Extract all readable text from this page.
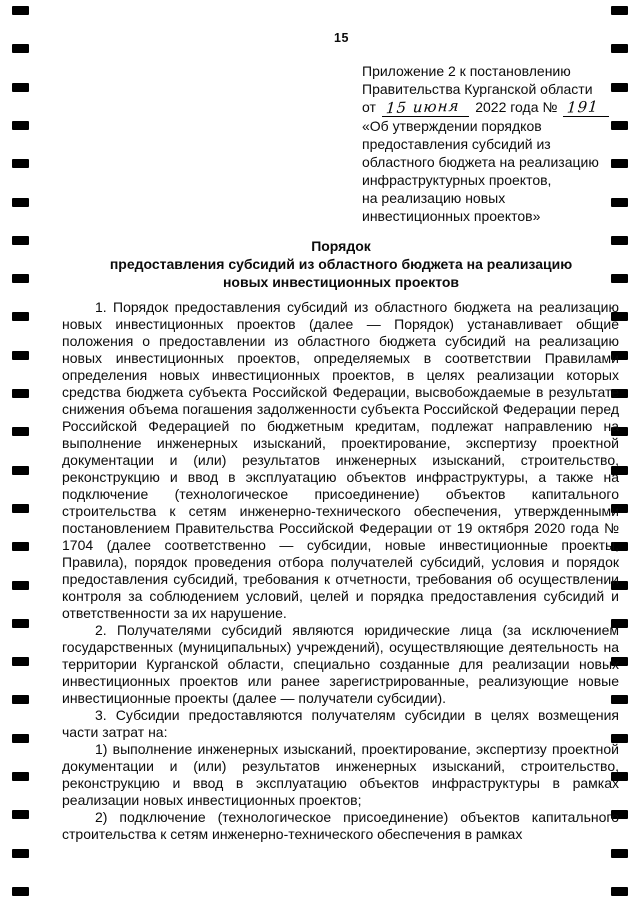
15
Приложение 2 к постановлению
Правительства Курганской области
от 15 июня 2022 года № 191
«Об утверждении порядков
предоставления субсидий из
областного бюджета на реализацию
инфраструктурных проектов,
на реализацию новых
инвестиционных проектов»
Порядок
предоставления субсидий из областного бюджета на реализацию
новых инвестиционных проектов

1. Порядок предоставления субсидий из областного бюджета на реализацию новых инвестиционных проектов (далее — Порядок) устанавливает общие положения о предоставлении из областного бюджета субсидий на реализацию новых инвестиционных проектов, определяемых в соответствии Правилами определения новых инвестиционных проектов, в целях реализации которых средства бюджета субъекта Российской Федерации, высвобождаемые в результате снижения объема погашения задолженности субъекта Российской Федерации перед Российской Федерацией по бюджетным кредитам, подлежат направлению на выполнение инженерных изысканий, проектирование, экспертизу проектной документации и (или) результатов инженерных изысканий, строительство, реконструкцию и ввод в эксплуатацию объектов инфраструктуры, а также на подключение (технологическое присоединение) объектов капитального строительства к сетям инженерно-технического обеспечения, утвержденными постановлением Правительства Российской Федерации от 19 октября 2020 года № 1704 (далее соответственно — субсидии, новые инвестиционные проекты, Правила), порядок проведения отбора получателей субсидий, условия и порядок предоставления субсидий, требования к отчетности, требования об осуществлении контроля за соблюдением условий, целей и порядка предоставления субсидий и ответственности за их нарушение.

2. Получателями субсидий являются юридические лица (за исключением государственных (муниципальных) учреждений), осуществляющие деятельность на территории Курганской области, специально созданные для реализации новых инвестиционных проектов или ранее зарегистрированные, реализующие новые инвестиционные проекты (далее — получатели субсидии).

3. Субсидии предоставляются получателям субсидии в целях возмещения части затрат на:

1) выполнение инженерных изысканий, проектирование, экспертизу проектной документации и (или) результатов инженерных изысканий, строительство, реконструкцию и ввод в эксплуатацию объектов инфраструктуры в рамках реализации новых инвестиционных проектов;

2) подключение (технологическое присоединение) объектов капитального строительства к сетям инженерно-технического обеспечения в рамках
